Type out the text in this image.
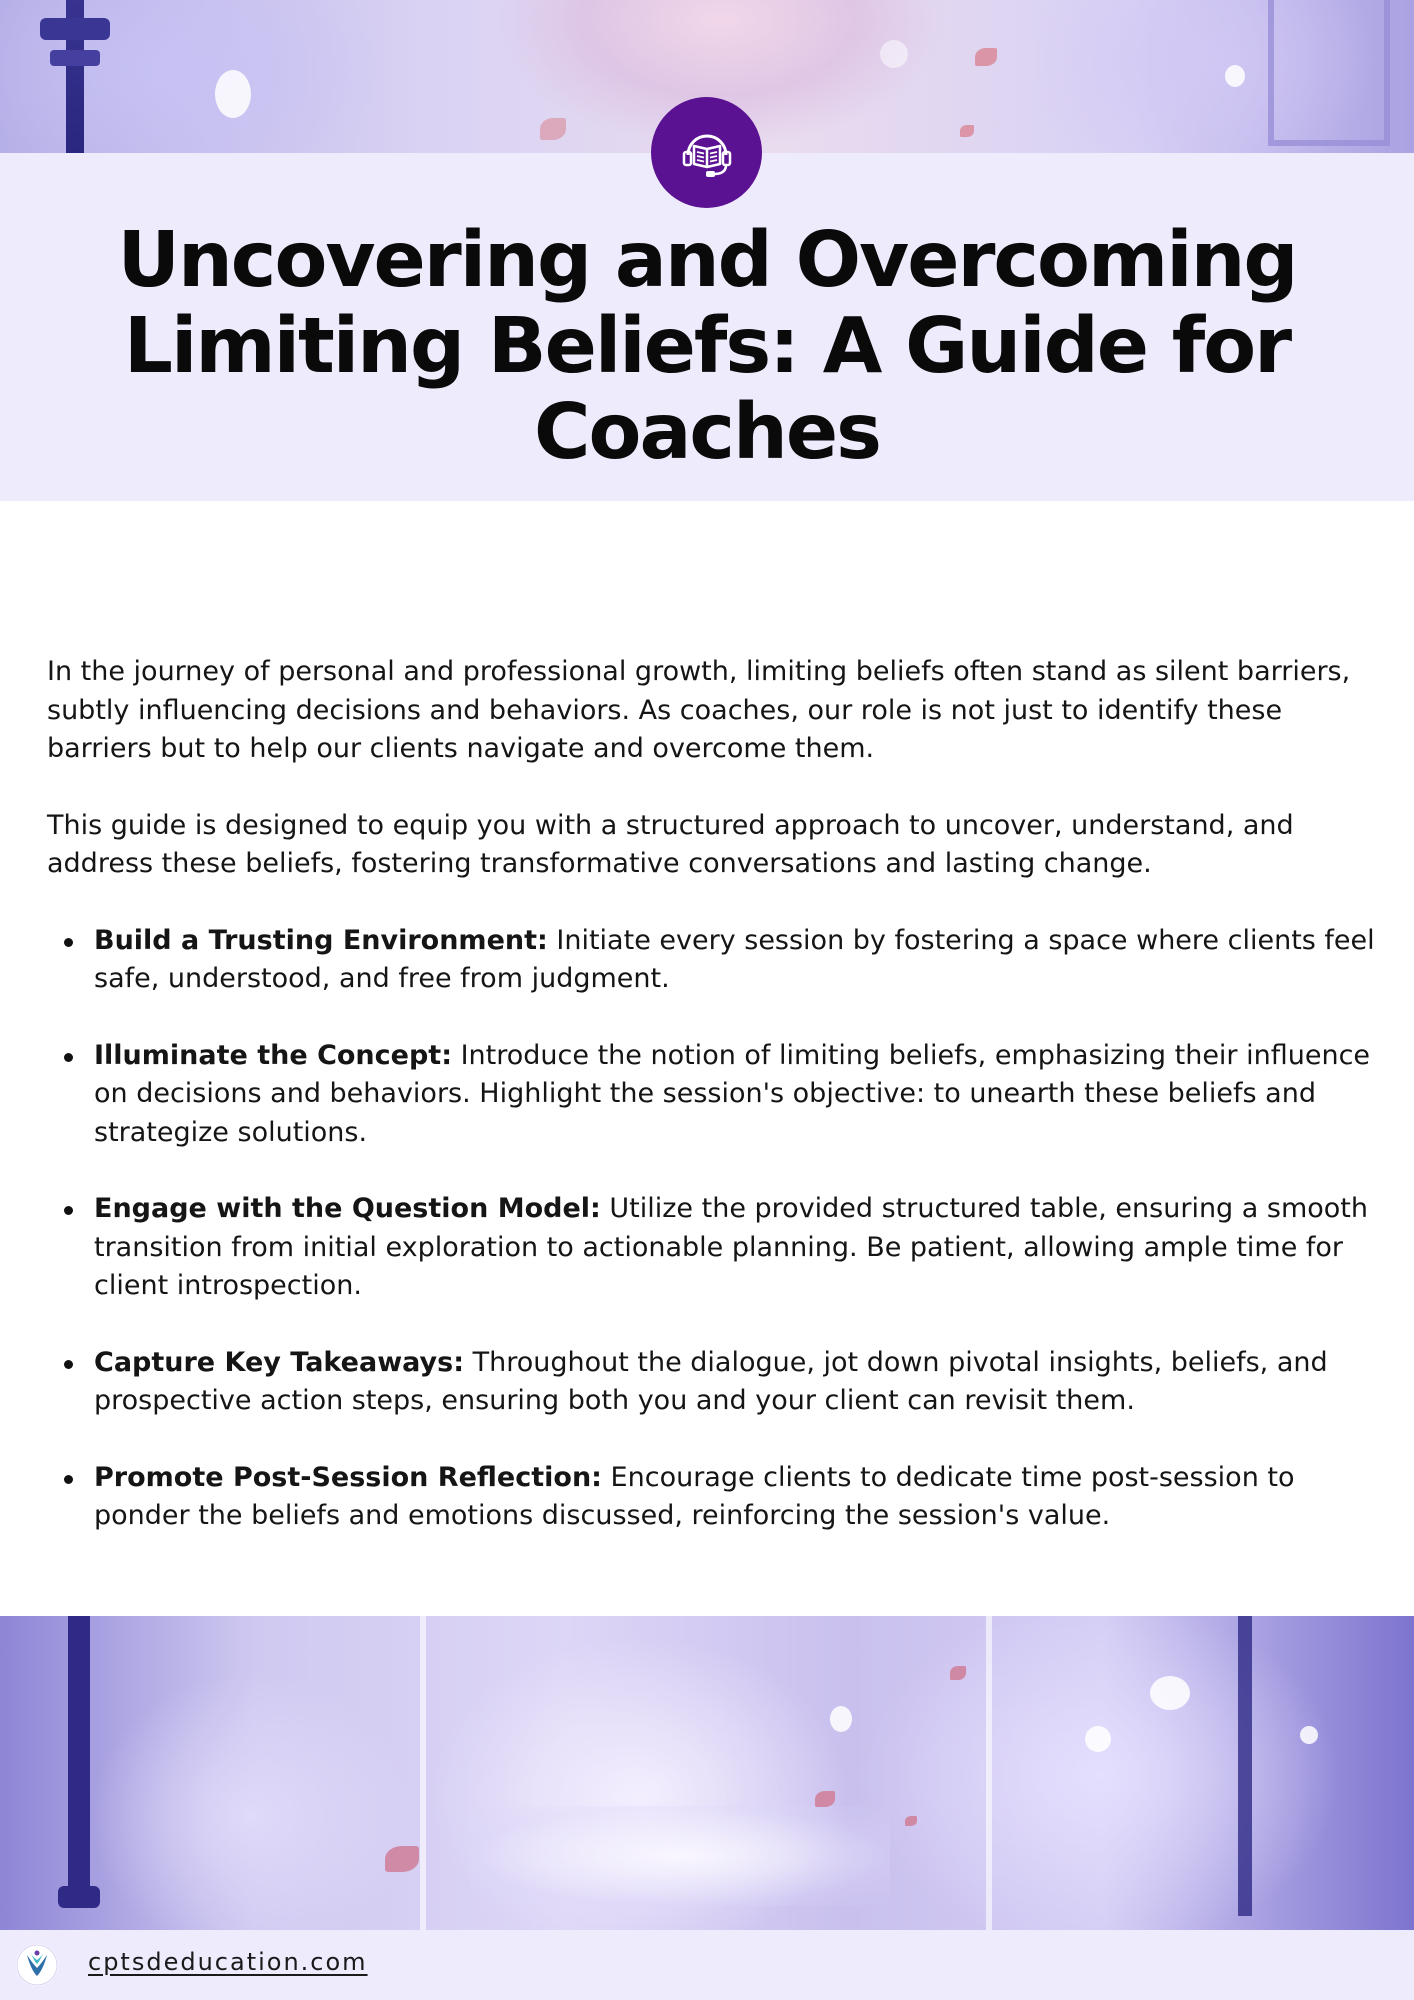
Uncovering and Overcoming Limiting Beliefs: A Guide for Coaches

In the journey of personal and professional growth, limiting beliefs often stand as silent barriers, subtly influencing decisions and behaviors. As coaches, our role is not just to identify these barriers but to help our clients navigate and overcome them.

This guide is designed to equip you with a structured approach to uncover, understand, and address these beliefs, fostering transformative conversations and lasting change.

Build a Trusting Environment: Initiate every session by fostering a space where clients feel safe, understood, and free from judgment.
Illuminate the Concept: Introduce the notion of limiting beliefs, emphasizing their influence on decisions and behaviors. Highlight the session's objective: to unearth these beliefs and strategize solutions.
Engage with the Question Model: Utilize the provided structured table, ensuring a smooth transition from initial exploration to actionable planning. Be patient, allowing ample time for client introspection.
Capture Key Takeaways: Throughout the dialogue, jot down pivotal insights, beliefs, and prospective action steps, ensuring both you and your client can revisit them.
Promote Post-Session Reflection: Encourage clients to dedicate time post-session to ponder the beliefs and emotions discussed, reinforcing the session's value.
cptsdeducation.com
